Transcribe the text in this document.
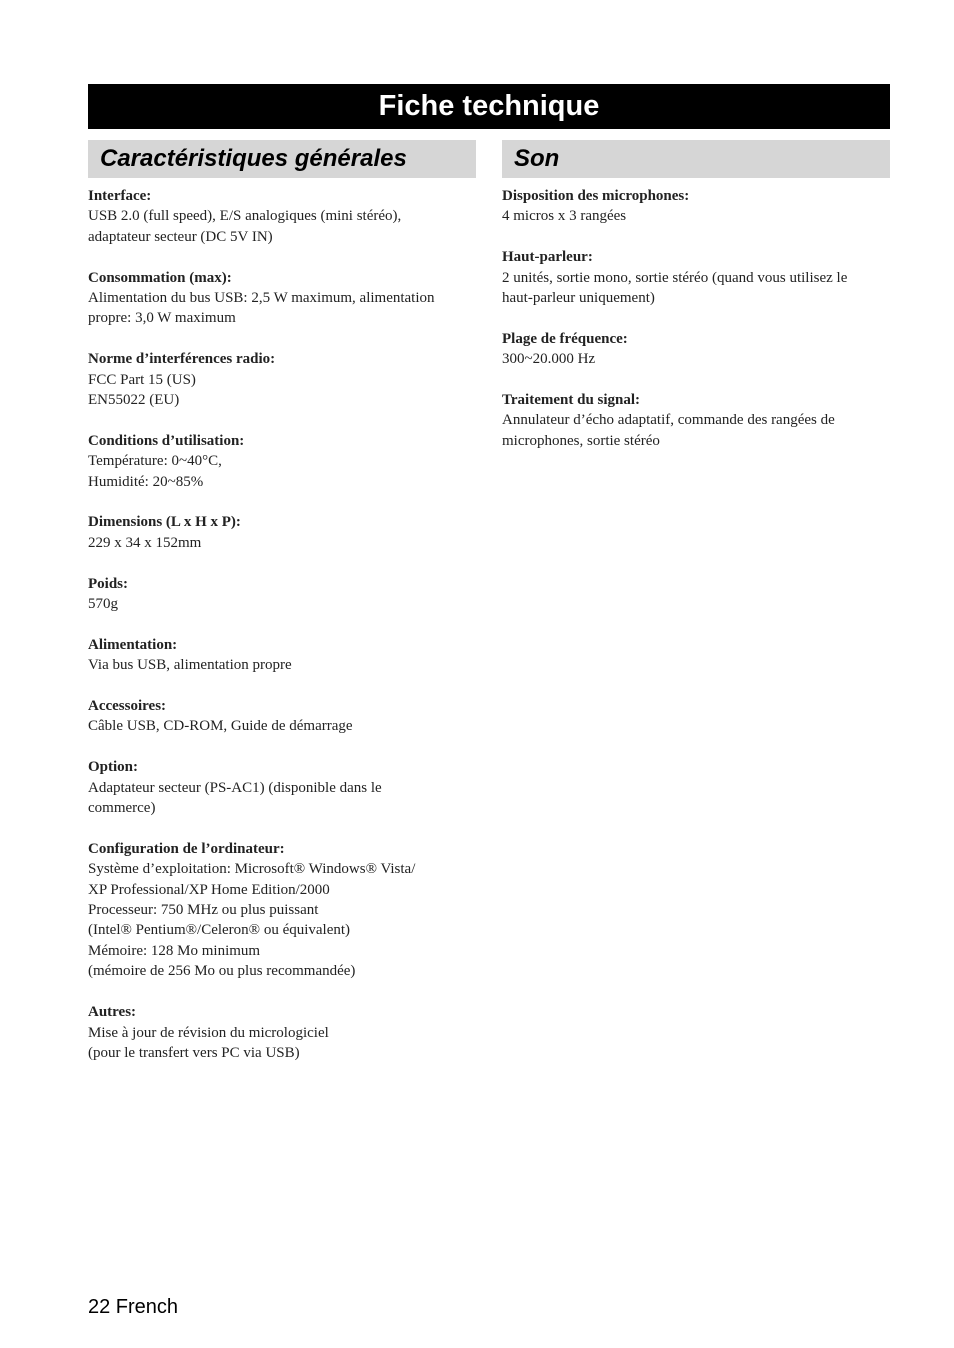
Fiche technique
Caractéristiques générales	Son
Interface:
USB 2.0 (full speed), E/S analogiques (mini stéréo),
adaptateur secteur (DC 5V IN)
Consommation (max):
Alimentation du bus USB: 2,5 W maximum, alimentation
propre: 3,0 W maximum
Norme d’interférences radio:
FCC Part 15 (US)
EN55022 (EU)
Conditions d’utilisation:
Température: 0~40°C,
Humidité: 20~85%
Dimensions (L x H x P):
229 x 34 x 152mm
Poids:
570g
Alimentation:
Via bus USB, alimentation propre
Accessoires:
Câble USB, CD-ROM, Guide de démarrage
Option:
Adaptateur secteur (PS-AC1) (disponible dans le
commerce)
Configuration de l’ordinateur:
Système d’exploitation: Microsoft® Windows® Vista/
XP Professional/XP Home Edition/2000
Processeur: 750 MHz ou plus puissant
(Intel® Pentium®/Celeron® ou équivalent)
Mémoire: 128 Mo minimum
(mémoire de 256 Mo ou plus recommandée)
Autres:
Mise à jour de révision du micrologiciel
(pour le transfert vers PC via USB)
Disposition des microphones:
4 micros x 3 rangées
Haut-parleur:
2 unités, sortie mono, sortie stéréo (quand vous utilisez le
haut-parleur uniquement)
Plage de fréquence:
300~20.000 Hz
Traitement du signal:
Annulateur d’écho adaptatif, commande des rangées de
microphones, sortie stéréo
22 French
